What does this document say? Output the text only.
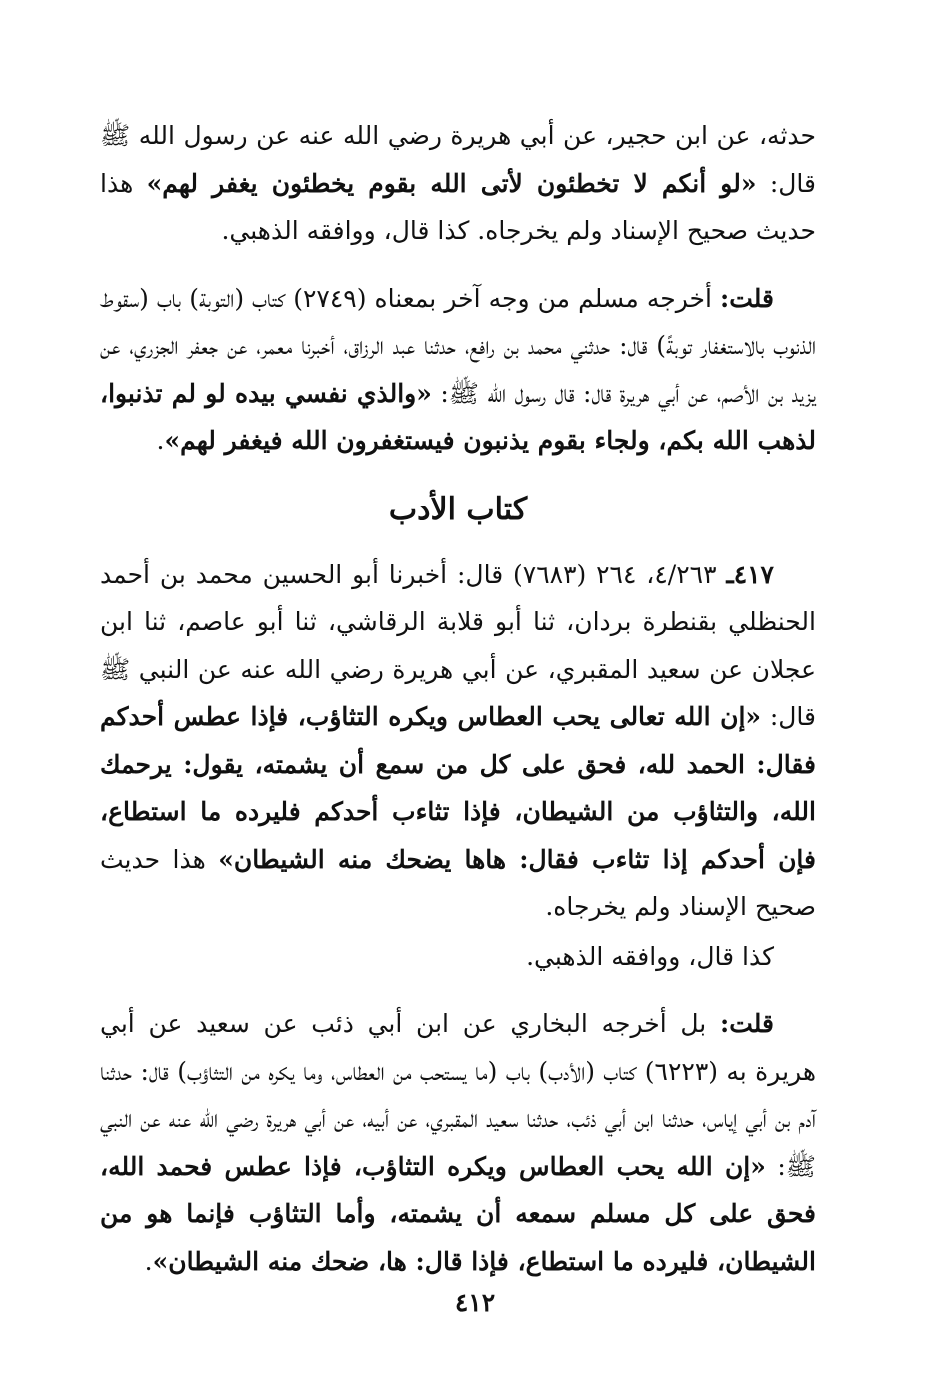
حدثه، عن ابن حجير، عن أبي هريرة رضي الله عنه عن رسول الله ﷺ قال: «لو أنكم لا تخطئون لأتى الله بقوم يخطئون يغفر لهم» هذا حديث صحيح الإسناد ولم يخرجاه. كذا قال، ووافقه الذهبي.

قلت: أخرجه مسلم من وجه آخر بمعناه (٢٧٤٩) كتاب (التوبة) باب (سقوط الذنوب بالاستغفار توبةً) قال: حدثني محمد بن رافع، حدثنا عبد الرزاق، أخبرنا معمر، عن جعفر الجزري، عن يزيد بن الأصم، عن أبي هريرة قال: قال رسول الله ﷺ: «والذي نفسي بيده لو لم تذنبوا، لذهب الله بكم، ولجاء بقوم يذنبون فيستغفرون الله فيغفر لهم».

كتاب الأدب

٤١٧ـ ٤/٢٦٣، ٢٦٤ (٧٦٨٣) قال: أخبرنا أبو الحسين محمد بن أحمد الحنظلي بقنطرة بردان، ثنا أبو قلابة الرقاشي، ثنا أبو عاصم، ثنا ابن عجلان عن سعيد المقبري، عن أبي هريرة رضي الله عنه عن النبي ﷺ قال: «إن الله تعالى يحب العطاس ويكره التثاؤب، فإذا عطس أحدكم فقال: الحمد لله، فحق على كل من سمع أن يشمته، يقول: يرحمك الله، والتثاؤب من الشيطان، فإذا تثاءب أحدكم فليرده ما استطاع، فإن أحدكم إذا تثاءب فقال: هاها يضحك منه الشيطان» هذا حديث صحيح الإسناد ولم يخرجاه.

كذا قال، ووافقه الذهبي.

قلت: بل أخرجه البخاري عن ابن أبي ذئب عن سعيد عن أبي هريرة به (٦٢٢٣) كتاب (الأدب) باب (ما يستحب من العطاس، وما يكره من التثاؤب) قال: حدثنا آدم بن أبي إياس، حدثنا ابن أبي ذئب، حدثنا سعيد المقبري، عن أبيه، عن أبي هريرة رضي الله عنه عن النبي ﷺ: «إن الله يحب العطاس ويكره التثاؤب، فإذا عطس فحمد الله، فحق على كل مسلم سمعه أن يشمته، وأما التثاؤب فإنما هو من الشيطان، فليرده ما استطاع، فإذا قال: ها، ضحك منه الشيطان».

٤١٢
